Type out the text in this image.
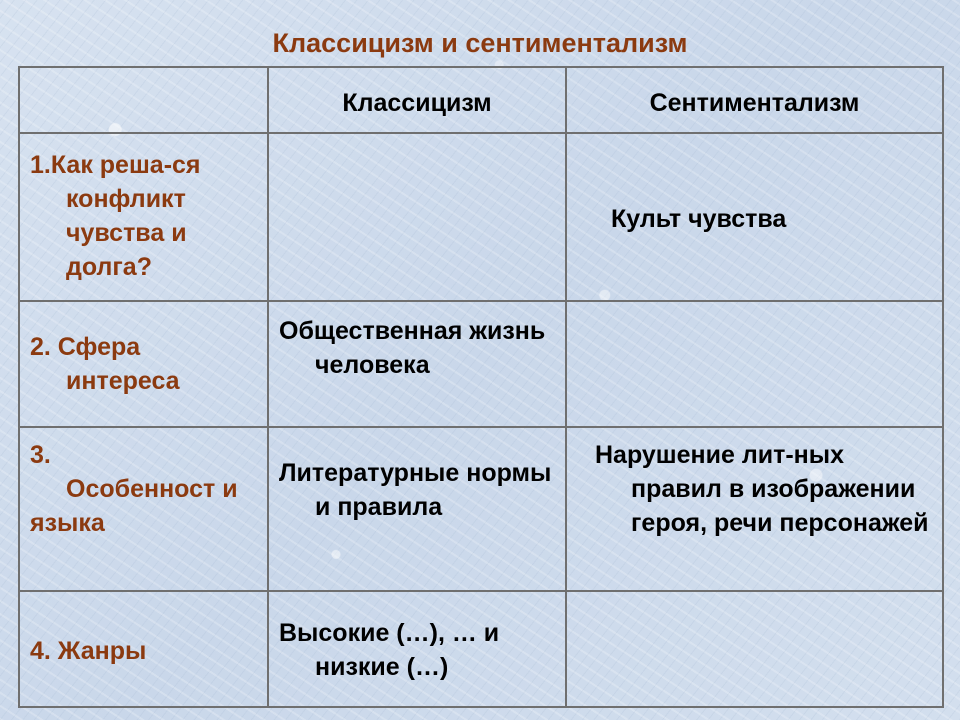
Классицизм и сентиментализм

	Классицизм	Сентиментализм

1.Как реша-ся конфликт чувства и долга?		Культ чувства

2. Сфера интереса	Общественная жизнь человека	

3.
Особенност и
языка	Литературные нормы и правила	Нарушение лит-ных правил в изображении героя, речи персонажей

4. Жанры	Высокие (…), … и низкие (…)	
